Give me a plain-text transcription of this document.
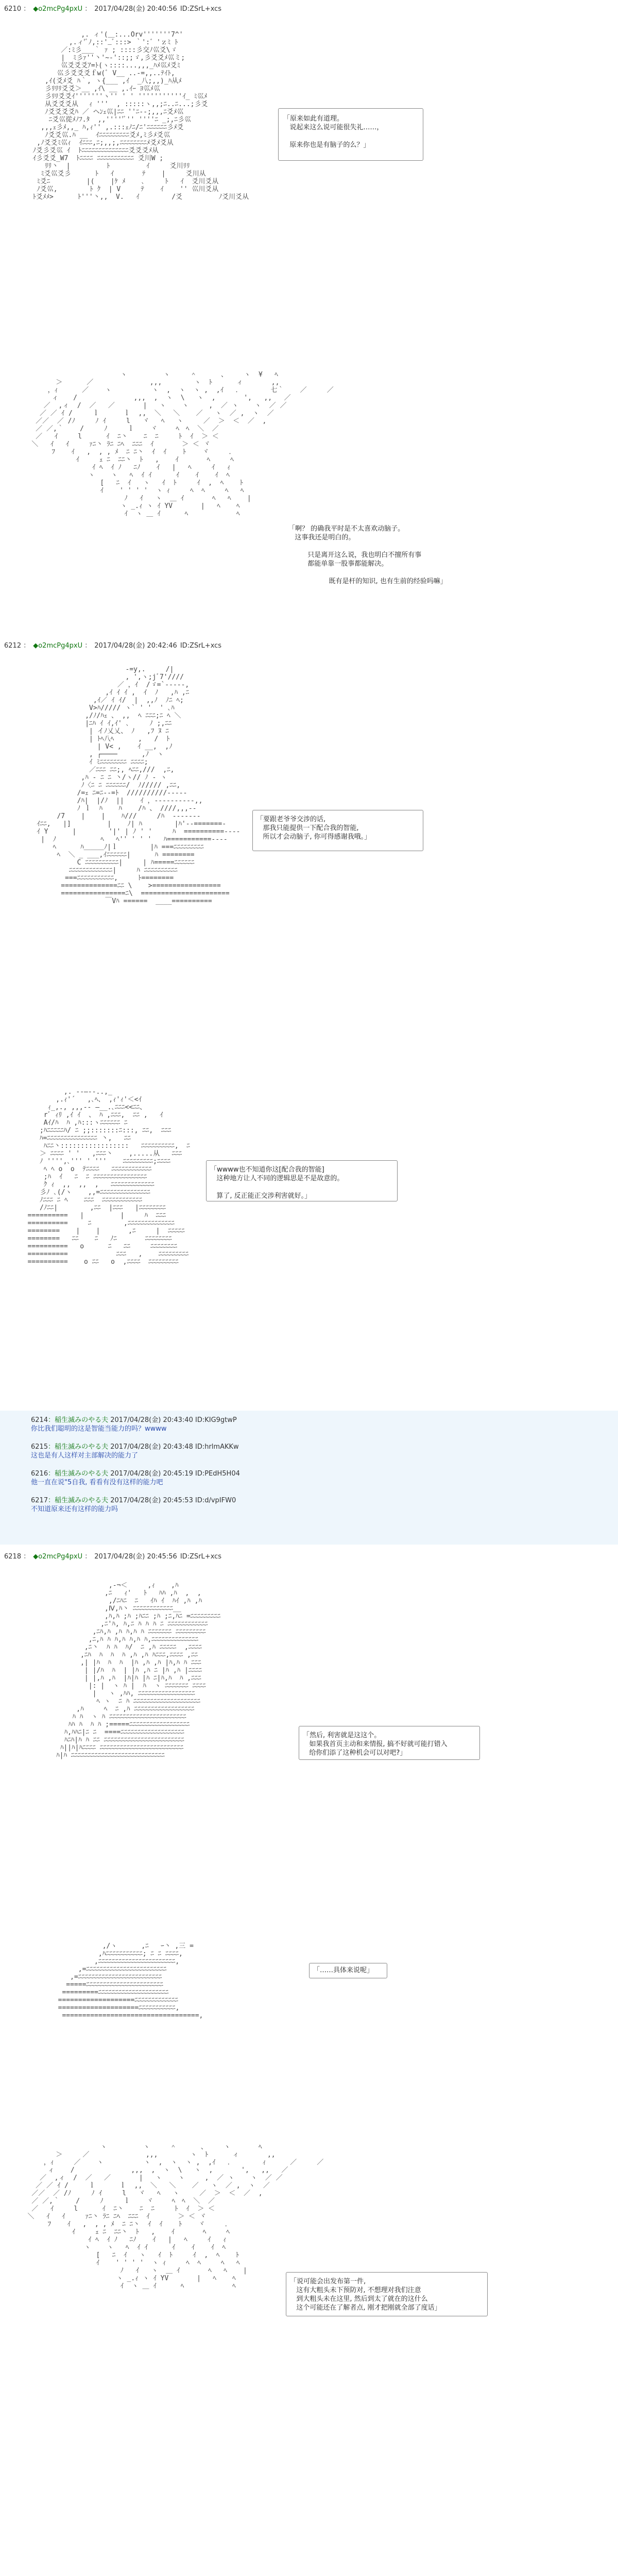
6210 ： ◆o2mcPg4pxU ： 2017/04/28(金) 20:40:56 ID:ZSrL+xcs
,. ィ'(＿:...Orv'''''''7^'
,.ィ'ﾞﾉ,::'_ﾞ:::> ｀':゛'ｚﾐ ﾄ
／:ﾐ彡___｀ ｧ ; ::::彡交ﾉ巛爻\ゞ
|  ﾐ彡ｧ''丶'~-'::;;ゞ,彡爻爻ﾒ巛ミ;
巛爻爻爻ｱ=ﾄ(ヽ::::...,,,_ﾊﾒ巛ﾒ爻ﾐ
巛彡爻爻爻ｆw(ﾞ V__ ..-=,,..ﾃｲﾄ,
,ｲ(爻ﾒ爻 ﾊ｀, ヽ{___ ,ｲ  _八;,,)_ﾊ从ﾒ
彡ﾘﾘﾘ爻爻＞__ ,ｲ\ __ ,.ｲｰ ﾖ巛ﾒ巛
彡ﾘﾘ爻爻ｲ'''''''ヽ'' ' ' '''''''''''ｲ_ ﾐ巛ﾒ
从爻爻爻从　 ｨ '''  , :::::ヽ,,;ﾆ..ﾆ...;彡爻
ﾉ爻爻爻爻ﾊ ／ ヘﾝｪ巛|ﾆﾆ ''ﾆ--;,,,ﾆ爻ﾒ巛
ﾆ爻巛從ﾒﾉﾌ.ﾀ  ,,'''''ﾞ'' ''''ﾆ _;,ﾆ彡巛
,,,ｪ彡ﾒ,,_ ﾊ,ｨ'' ,.:::ｪﾉﾆ/ﾆ'ﾆﾆﾆﾆﾆﾆ彡ﾒ爻
ﾉ爻爻巛.ﾊ __  ｲﾆﾆﾆﾆﾆﾆﾆﾆﾆ爻ﾒ,ﾐ彡ﾒ爻巛
,ﾉ爻爻ﾐ巛ｨ  ｲﾆﾆﾆ,ﾆ;,,;,ﾆﾆﾆﾆﾆﾆﾆﾆﾒ爻ﾒ爻从
ﾉ爻彡爻巛 ｲ  ﾄﾆﾆﾆﾆﾆﾆﾆﾆﾆﾆﾆﾆﾆﾆ爻爻爻ﾒ从
ｲ彡爻爻_W7  ﾄﾆﾆﾆﾆ ﾆﾆﾆﾆﾆﾆﾆﾆﾆﾆﾆ 爻川W ;
ﾘﾘ丶  |         ﾄ         ｲ     爻川ﾘﾘ
ﾐ爻巛爻彡      ﾄ   ｲ       ﾃ    |     爻川从
ﾐ爻ﾆ         |(    |ｹ ﾒ    ､     ﾄ   ｲ  爻川爻从
ﾉ爻巛,        ﾄ ｸ  | V     ﾃ    ｲ    '' 巛川爻从
ﾄ爻ﾒﾒ>      ﾄ'''丶,,  V.   ｲ        /爻         ﾉ爻川爻从
「原来如此有道理。
说起来这么说可能很失礼……，

原来你也是有脑子的么？」
ヽ         ヽ     ＾      、    ヽ  ¥   ﾍ
＞      ／              ,,,        ヽ  ﾄ      ィ       ,,
，ｨ      ／    ヽ          ヽ  ,  ヽ  ヽ ,  ,ｲ   ．       七｀    ／     ／
ィ 　 /              ,,,  ,  ヽ  \   ヽ  ,       ',   ,,   ／
／  ,ィ  /  ／   ／       |   ヽ    ヽ     ,  ／ ヽ    ヽ  ／ ／
／ ／ ｲ /     ｌ      ｌ  ,,  ＼   ＼    ／   ヽ  ／ ,  ヽ  ／
／／  ／ /ﾉ     ﾉ ｲ     l   ヾ   ﾍ   ヽ     ／  ＞  ＜  ／  ,
／ ／,｀    /     ﾉ     ｌ    ヾ 　  ﾍ　ﾍ  ＼  ／
／   ｲ     l      ｲ  ﾆ丶    ﾆ  ﾆ     ﾄ  ｲ  ＞ ＜
＼   ｲ   ｲ     ｧﾆ丶 ﾗﾆ ﾆﾍ  ﾆﾆﾆ  ｲ       ＞ ＜ ヾ
ﾌ    ｲ   ,  , , ﾒ  ﾆ ﾆ丶  ｲ  ｲ    ﾄ    ヾ     ．
ｲ     ｪ ﾆ  ﾆﾆ丶  ﾄ   ,    ｲ       ﾍ     ﾍ
ｲ ﾍ  ｲ ﾉ   ﾆﾉ    ｲ   |   ﾍ     ｲ   ｨ
ヽ    ヽ   ﾍ  ｲ ｲ      ｲ    ｲ    ｲ  ﾍ
[   ﾆ  ｲ   ヽ   ｲ  ﾄ     ｲ  ,  ﾍ    ﾄ
ｲ    ' ' ' '  ヽ ｨ     ﾍ  ﾍ     ﾍ   ﾍ
ﾉ   ｲ   ヽ  ＿ ｲ       ﾍ   ﾍ    |
ヽ _.ｨ ヽ ｲ YV       |   ﾍ    ﾍ
ｲ  ヽ ＿ ｲ      ﾍ            ﾍ
「啊？ 的确我平时是不太喜欢动脑子。
这事我还是明白的。

只是离开这么说，我也明白不擅所有事
都能单靠一股事都能解决。

既有是杆的知识, 也有生前的经验吗嘛」
6212 ： ◆o2mcPg4pxU ： 2017/04/28(金) 20:42:46 ID:ZSrL+xcs
-=y,.     /|
, ',ヽ;jﾞ7'////
／ ，ｲ  /ゞ=`-----,
,ｲ ｲ ｲ ,  ｲ  ﾉ   ,ﾊ ,ﾆ
,ｲ／ ｲ ｲ/  |  ,,ﾉ  ﾉﾆ ﾍ;
V>ﾊ///// ヽ` ' '  ' ､ﾊ
,/ﾉ/ﾊｪ 、 ,,  ﾍ ﾆﾆﾆ;ﾆ ﾍ ＼
|ﾆﾊ ｲ ｲ,ｲ' ､     ﾉ ;,ﾆﾆ
| イﾉ乂乂、 ﾉ   ,ﾌ ﾇ ﾆ
| ﾄﾍ八ﾍ      ,   /  ﾄ
| V< ,    ｲ __,  ,ﾉ
, ┌────      ,ﾉ  ヽ
ｲ ﾐﾆﾆﾆﾆﾆﾆﾆﾆ ﾆﾆﾆﾆ;
／ﾆﾆﾆ ﾆﾆ;, ﾍﾆﾆ,///  ,ﾆ,
,ﾊ ‐ ﾆ ﾆ 丶/ヽ// ﾉ ‐ ヽ
ﾉ〈ﾆ ﾆ ﾆﾆﾆﾆﾆﾆ/  ﾉ///// ,ﾆﾆ,
/=ｪ ﾆ=ﾆ--=ﾄ  //////////-----
/ﾊ|  |/ﾉ  ||    ｲ ，----------,,
ﾉ ｌ  ﾊ    ﾊ    /ﾊ 、 ////,,,--
/7    |    |    ﾊ///     /ﾊ  -------
ｲﾆﾆ,   |]         |    ﾉ| ﾊ        |ﾊ'--=======-
ｲ Y      |        '|' | ﾉ ' '     ﾊ  ==========----
|  ﾉ           ﾍ   ﾍ'' ' ' '   ﾊ===========----
ﾍ      ﾊ＿＿＿ﾉ|ｌ        |ﾊ ===ﾆﾆﾆﾆﾆﾆﾆﾆﾆ
ﾍ  ＼ _ ___,ｲﾆﾆﾆﾆﾆﾆ|      ﾊ ========
C ﾆﾆﾆﾆﾆﾆﾆﾆﾆﾆ|     | ﾊ=====ﾆﾆﾆﾆﾆﾆ
ﾆﾆﾆﾆﾆﾆﾆﾆﾆﾆﾆﾆﾆ|     ﾊ ﾆﾆﾆﾆﾆﾆﾆﾆﾆﾆ
===ﾆﾆﾆﾆﾆﾆﾆﾆﾆﾆﾆ,     ﾄ========
==============ﾆﾆ \    >=================
================ﾆ\  ======================
￣Vﾊ ======  ____==========

「要跟老爷爷交涉的话,
那我只能提供一下配合我的智能,
所以才会动脑子, 你可得感谢我哦。」
,. ‐-―‐-..,_
,.ｨ'´   ,､ﾍ、 ,ｨ'ｨ'＜<ｲ
ｨ_,., ,,,-‐ ―__.､ﾆﾆﾆ<<ﾆﾆ、
rﾞ ｨﾘ ,ｲ ｲ  、 ﾊ ,ﾆﾆﾆ,  ﾆﾆ ,   ｲ
Aｲ/ﾊ  ﾊ ,ﾊ:::ヽﾆﾆﾆﾆﾆﾆ ﾆ
;ﾊﾆﾆﾆﾆﾆﾊ/ ﾆ ;;:::::::ﾆ:::, ﾆﾆ,  ﾆﾆﾆ
ﾊ=ﾆﾆﾆﾆﾆﾆﾆﾆﾆﾆﾆﾆﾆﾆﾆ 丶,   ﾆﾆ
ﾊﾆﾆ丶:::::::::::::::::   ﾆﾆﾆﾆﾆﾆﾆﾆﾆﾆ,  ﾆ
＞ ﾆﾆﾆﾆ ' '   ,ﾆﾆﾆ丶    ,.....从   ﾆﾆﾆ
ﾉ '''',､''' ' '''    ﾆﾆﾆﾆﾆﾆﾆﾆﾆ;ﾆﾆﾆﾆ
ﾍ ﾍ o  o  ﾃﾆﾆﾆﾆ   ﾆﾆﾆﾆﾆﾆﾆﾆﾆﾆﾆﾆ
;ﾊ  ｲ   ﾆ  ﾆ ﾆﾆﾆﾆﾆﾆﾆﾆﾆﾆﾆﾆﾆﾆﾆﾆ
ｸ ｨ  ,,  ,,  ,   ﾆﾆﾆﾆﾆﾆﾆﾆﾆﾆﾆﾆﾆ
彡ﾉ ､(/ヽ    ,,=ﾆﾆﾆﾆﾆﾆﾆﾆﾆﾆﾆﾆﾆﾆﾆ
ﾉﾆﾆﾆ ﾆ ﾍ    ﾆﾆﾆ  ﾆﾆﾆﾆﾆﾆﾆﾆﾆﾆﾆﾆ
/ﾉﾆﾆ|        ,ﾆﾆ  |ﾆﾆﾆ   |ﾆﾆﾆﾆﾆﾆﾆﾆ
==========   |         |     ﾊ  ﾆﾆﾆ
==========     ﾆ        ,ﾆﾆﾆﾆﾆﾆﾆﾆﾆﾆﾆﾆﾆﾆ
========    |    |       ,ﾆ     |  ﾆﾆﾆﾆﾆ
========   ﾆﾆ    ﾆ   ﾉﾆ       ﾆﾆﾆﾆﾆﾆﾆﾆ
==========   o      ﾆ   ﾆﾆ     ﾆﾆﾆﾆﾆﾆﾆﾆ
==========            ﾆﾆﾆ   ,    ﾆﾆﾆﾆﾆﾆﾆﾆﾆ
==========    o ﾆﾆ   o  ,ﾆﾆﾆﾆ  ﾆﾆﾆﾆﾆﾆﾆﾆﾆ
「wwww也不知道你这[配合我的智能]
这种地方让人不同的逻辑思是不是故意的。

算了, 反正能正交涉利害就好。」
6214：稲生滅みのやる夫 2017/04/28(金) 20:43:40 ID:KIG9gtwP
你比我们聪明的这是智能当能力的吗？wwww
6215：稲生滅みのやる夫 2017/04/28(金) 20:43:48 ID:hrlmAKKw
这也是有人这样对主部解决的能力了
6216：稲生滅みのやる夫 2017/04/28(金) 20:45:19 ID:PEdH5H04
他一直在说"5自我, 看看有没有这样的能力吧
6217：稲生滅みのやる夫 2017/04/28(金) 20:45:53 ID:d/vpIFW0
不知道原来还有这样的能力吗
6218 ： ◆o2mcPg4pxU ： 2017/04/28(金) 20:45:56 ID:ZSrL+xcs
,-¬＜     ,ｨ    ,ﾊ
,ﾆ   ｨ'   ﾄ   ﾊﾊ ,ﾊ  ,  ,
,/ﾆﾊﾆ  ﾆ   ｲﾊ ｲ  ﾊｲ ,ﾊ ,ﾊ
,Ⅳ,ﾊ丶 ﾆﾆﾆﾆﾆﾆﾆﾆﾆﾆﾆﾆ__
,ﾊ,ﾊ ;ﾊ ;ﾊﾆﾆ ;ﾊ ;ﾆ,ﾊﾆ =ﾆﾆﾆﾆﾆﾆﾆﾆﾆ
,ﾆ'ﾊ, ﾊ,ﾆ ﾊ ﾊ ﾊ ﾆ ﾆﾆﾆﾆﾆﾆﾆﾆﾆﾆﾆﾆ
,ﾆﾊ,ﾊ ,ﾊ ﾊ,ﾊ ﾊ ﾆﾆﾆﾆﾆﾆﾆ ﾆﾆﾆﾆﾆﾆﾆﾆﾆ
,ﾆ,ﾊ ﾊ ﾊ,ﾊ ﾊ,ﾊ ﾊ,ﾆﾆﾆﾆﾆﾆﾆﾆﾆﾆﾆﾆﾆﾆ
,ﾆ丶  ﾊ ﾊ  ﾊ/  ﾆ ,ﾊ ﾆﾆﾆﾆﾆ  ,ﾆﾆﾆﾆ
,ﾆﾊ  ﾊ  ﾊ  ﾊ ,ﾊ ,ﾊ ﾊﾆﾆﾆ,ﾆﾆﾆﾆ ,ﾆﾆ
,| |ﾊ  ﾊ  ﾊ  |ﾊ ,ﾊ ,ﾊ |ﾊ,ﾊ ﾊ ﾆﾆﾆ
| |/ﾊ  ﾊ  | |ﾊ ,ﾊ ﾆ |ﾊ ,ﾊ |ﾆﾆﾆﾆ
| |,ﾊ ,ﾊ  |ﾊ|ﾊ |ﾊ ﾆ|ﾊ,ﾊ  ﾊ ,ﾆﾆﾆ
|: |  ヽ ﾊ |  ﾊ  ヽ ﾆﾆﾆﾆﾆﾆﾆ ﾆﾆﾆﾆ
|   ヽ ,ﾊﾊ, ﾆﾆﾆﾆﾆﾆﾆﾆﾆﾆﾆﾆﾆﾆﾆﾆﾆ
ﾍ ヽ  ﾆ ﾊ ﾆﾆﾆﾆﾆﾆﾆﾆﾆﾆﾆﾆﾆﾆﾆﾆﾆﾆﾆﾆ
,ﾊ     ﾍ  ﾆ ,ﾊ ﾆﾆﾆﾆﾆﾆﾆﾆﾆﾆﾆﾆﾆﾆﾆﾆﾆﾆ
ﾊ ﾊ  ヽ ﾊ ﾆﾆﾆﾆﾆﾆﾆﾆﾆﾆﾆﾆﾆﾆﾆﾆﾆﾆﾆﾆﾆﾆﾆ
ﾊﾊ ﾊ  ﾊ ﾊ ;=====ﾆﾆﾆﾆﾆﾆﾆﾆﾆﾆﾆﾆﾆﾆﾆﾆﾆﾆ
ﾊ,ﾊﾊﾆ|ﾆ ﾆ  ====ﾆﾆﾆﾆﾆﾆﾆﾆﾆﾆﾆﾆﾆﾆﾆﾆﾆﾆﾆ
ﾊﾆﾊ|ﾊ ﾊ ﾆﾆ ﾆﾆﾆﾆﾆﾆﾆﾆﾆﾆﾆﾆﾆﾆﾆﾆﾆﾆﾆﾆﾆﾆﾆﾆ
ﾊ||ﾊ|ﾊﾆﾆﾆﾆ ﾆﾆﾆﾆﾆﾆﾆﾆﾆﾆﾆﾆﾆﾆﾆﾆﾆﾆﾆﾆﾆﾆﾆﾆﾆ
ﾊ|ﾊ ﾆﾆﾆﾆﾆﾆﾆﾆﾆﾆﾆﾆﾆﾆﾆﾆﾆﾆﾆﾆﾆﾆﾆﾆﾆﾆﾆﾆ
「然后, 利害就是这这个。
如果我首页主动和来情报, 搞不好就可能打错入
给你们添了这种机会可以对吧?」
,/ヽ      ,ﾆ   ｰ丶 ,三 =
,ﾊﾆﾆﾆﾆﾆﾆﾆﾆﾆﾆﾆ; ﾆ ﾆ ﾆﾆﾆﾆ,
,ﾆﾆﾆﾆﾆﾆﾆﾆﾆﾆﾆﾆﾆﾆﾆﾆﾆﾆﾆﾆﾆﾆﾆ,
,=ﾆﾆﾆﾆﾆﾆﾆﾆﾆﾆﾆﾆﾆﾆﾆﾆﾆﾆﾆﾆﾆﾆﾆﾆ
,=ﾆﾆﾆﾆﾆﾆﾆﾆﾆﾆﾆﾆﾆﾆﾆﾆﾆﾆﾆﾆﾆﾆﾆﾆﾆ
=====ﾆﾆﾆﾆﾆﾆﾆﾆﾆﾆﾆﾆﾆﾆﾆﾆﾆﾆﾆﾆﾆﾆﾆ
=========ﾆﾆﾆﾆﾆﾆﾆﾆﾆﾆﾆﾆﾆﾆﾆﾆﾆﾆﾆﾆﾆ
===================ﾆﾆﾆﾆﾆﾆﾆﾆﾆﾆﾆﾆﾆ
====================ﾆﾆﾆﾆﾆﾆﾆﾆﾆﾆﾆ,
==================================,
「……具体来说呢」
ヽ         ヽ     ＾      、    ヽ       ﾍ
＞     ／              ,,,        ヽ  ﾄ      ィ       ,,
，ｨ     ／    ヽ          ヽ  ,  ヽ  ヽ ,  ,ｲ   ．       ｨ      ／     ／
ィ    /              ,,,  ,  ヽ  \   ヽ  ,       ',   ,,   ／
／  ,ィ  /  ／   ／       |   ヽ    ヽ     ,  ／ ヽ    ヽ  ／ ／
／ ／ ｲ /     ｌ      ｌ  ,,  ＼   ＼    ／   ヽ  ／ ,  ヽ  ／
／／  ／ /ﾉ     ﾉ ｲ     l   ヾ   ﾍ   ヽ     ／  ＞  ＜  ／  ,
／ ／,｀    /     ﾉ     ｌ    ヾ 　  ﾍ　ﾍ  ＼  ／
／   ｲ     l      ｲ  ﾆ丶    ﾆ  ﾆ     ﾄ  ｲ  ＞ ＜
＼   ｲ   ｲ     ｧﾆ丶 ﾗﾆ ﾆﾍ  ﾆﾆﾆ  ｲ       ＞ ＜ ヾ
ﾌ    ｲ   ,  , , ﾒ  ﾆ ﾆ丶  ｲ  ｲ    ﾄ    ヾ     ．
ｲ     ｪ ﾆ  ﾆﾆ丶  ﾄ   ,    ｲ       ﾍ     ﾍ
ｲ ﾍ  ｲ ﾉ   ﾆﾉ    ｲ   |   ﾍ     ｲ   ｨ
ヽ    ヽ   ﾍ  ｲ ｲ      ｲ    ｲ    ｲ  ﾍ
[   ﾆ  ｲ   ヽ   ｲ  ﾄ     ｲ  ,  ﾍ    ﾄ
ｲ    ' ' ' '  ヽ ｨ     ﾍ  ﾍ     ﾍ   ﾍ
ﾉ   ｲ   ヽ  ＿ ｲ       ﾍ   ﾍ    |
ヽ _.ｨ ヽ ｲ YV       |   ﾍ    ﾍ
ｲ  ヽ ＿ ｲ      ﾍ            ﾍ
「说可能会出发布第一件,
这有大粗头未下预防对, 不想理对我们注意
到大粗头未在这里, 然后到太了就在的这什么
这个可能还在了解者点, 刚才把刚就全部了度话」
